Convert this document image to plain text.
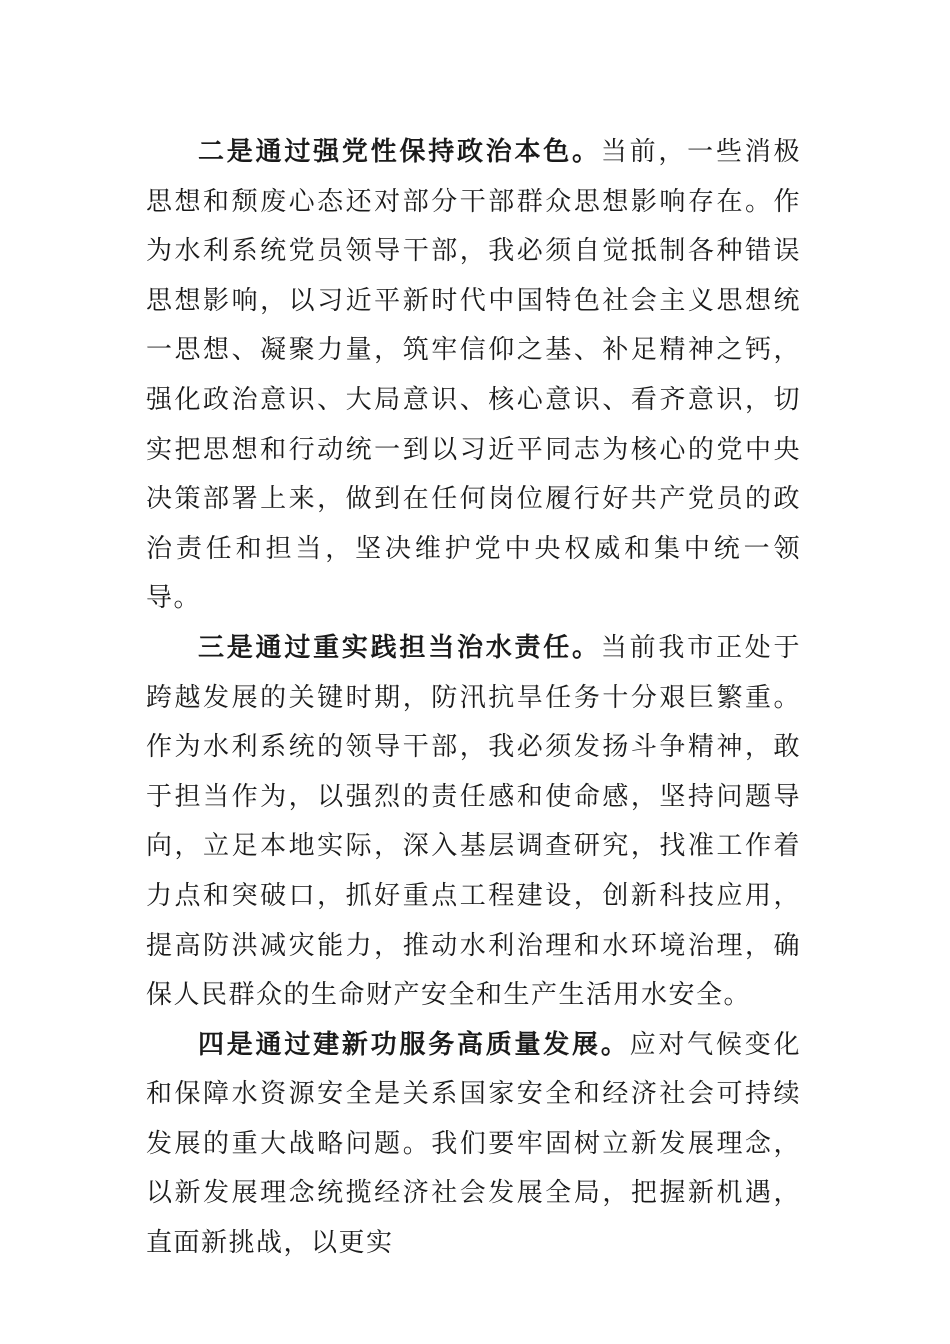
二是通过强党性保持政治本色。当前，一些消极思想和颓废心态还对部分干部群众思想影响存在。作为水利系统党员领导干部，我必须自觉抵制各种错误思想影响，以习近平新时代中国特色社会主义思想统一思想、凝聚力量，筑牢信仰之基、补足精神之钙，强化政治意识、大局意识、核心意识、看齐意识，切实把思想和行动统一到以习近平同志为核心的党中央决策部署上来，做到在任何岗位履行好共产党员的政治责任和担当，坚决维护党中央权威和集中统一领导。

三是通过重实践担当治水责任。当前我市正处于跨越发展的关键时期，防汛抗旱任务十分艰巨繁重。作为水利系统的领导干部，我必须发扬斗争精神，敢于担当作为，以强烈的责任感和使命感，坚持问题导向，立足本地实际，深入基层调查研究，找准工作着力点和突破口，抓好重点工程建设，创新科技应用，提高防洪减灾能力，推动水利治理和水环境治理，确保人民群众的生命财产安全和生产生活用水安全。

四是通过建新功服务高质量发展。应对气候变化和保障水资源安全是关系国家安全和经济社会可持续发展的重大战略问题。我们要牢固树立新发展理念，以新发展理念统揽经济社会发展全局，把握新机遇，直面新挑战，以更实
